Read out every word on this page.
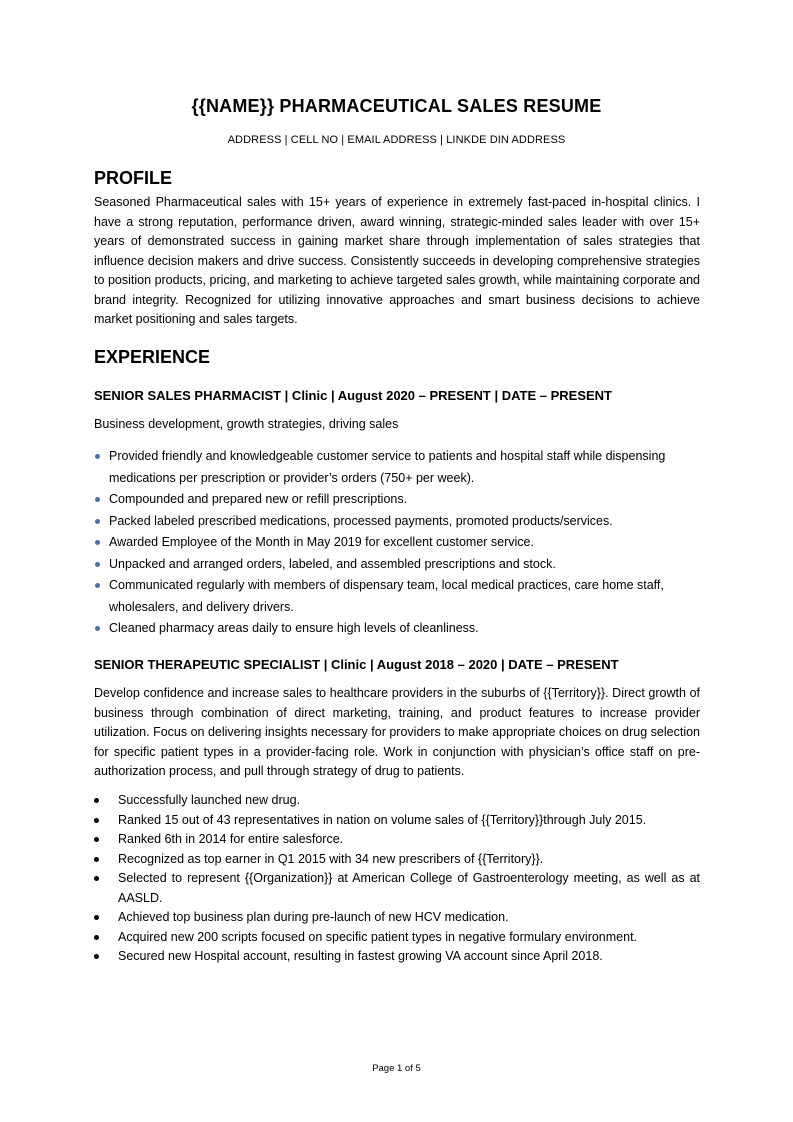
{{NAME}} PHARMACEUTICAL SALES RESUME
ADDRESS | CELL NO | EMAIL ADDRESS | LINKDE DIN ADDRESS
PROFILE

Seasoned Pharmaceutical sales with 15+ years of experience in extremely fast-paced in-hospital clinics. I have a strong reputation, performance driven, award winning, strategic-minded sales leader with over 15+ years of demonstrated success in gaining market share through implementation of sales strategies that influence decision makers and drive success. Consistently succeeds in developing comprehensive strategies to position products, pricing, and marketing to achieve targeted sales growth, while maintaining corporate and brand integrity. Recognized for utilizing innovative approaches and smart business decisions to achieve market positioning and sales targets.

EXPERIENCE
SENIOR SALES PHARMACIST | Clinic | August 2020 – PRESENT | DATE – PRESENT
Business development, growth strategies, driving sales
Provided friendly and knowledgeable customer service to patients and hospital staff while dispensing medications per prescription or provider’s orders (750+ per week).
Compounded and prepared new or refill prescriptions.
Packed labeled prescribed medications, processed payments, promoted products/services.
Awarded Employee of the Month in May 2019 for excellent customer service.
Unpacked and arranged orders, labeled, and assembled prescriptions and stock.
Communicated regularly with members of dispensary team, local medical practices, care home staff, wholesalers, and delivery drivers.
Cleaned pharmacy areas daily to ensure high levels of cleanliness.
SENIOR THERAPEUTIC SPECIALIST | Clinic | August 2018 – 2020 | DATE – PRESENT

Develop confidence and increase sales to healthcare providers in the suburbs of {{Territory}}. Direct growth of business through combination of direct marketing, training, and product features to increase provider utilization. Focus on delivering insights necessary for providers to make appropriate choices on drug selection for specific patient types in a provider-facing role. Work in conjunction with physician’s office staff on pre-authorization process, and pull through strategy of drug to patients.

Successfully launched new drug.
Ranked 15 out of 43 representatives in nation on volume sales of {{Territory}}through July 2015.
Ranked 6th in 2014 for entire salesforce.
Recognized as top earner in Q1 2015 with 34 new prescribers of {{Territory}}.
Selected to represent {{Organization}} at American College of Gastroenterology meeting, as well as at AASLD.
Achieved top business plan during pre-launch of new HCV medication.
Acquired new 200 scripts focused on specific patient types in negative formulary environment.
Secured new Hospital account, resulting in fastest growing VA account since April 2018.
Page 1 of 5
